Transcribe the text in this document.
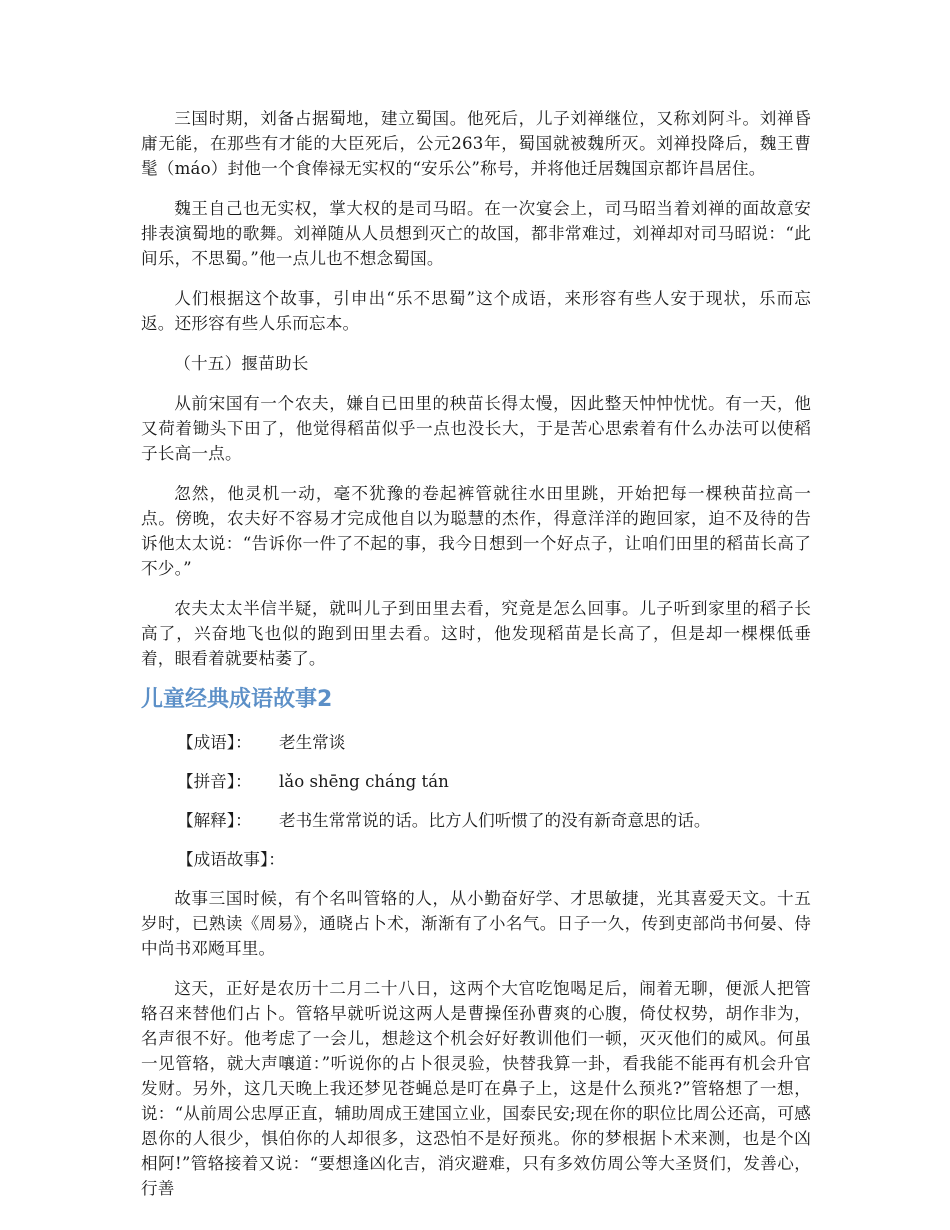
三国时期，刘备占据蜀地，建立蜀国。他死后，儿子刘禅继位，又称刘阿斗。刘禅昏庸无能，在那些有才能的大臣死后，公元263年，蜀国就被魏所灭。刘禅投降后，魏王曹髦（máo）封他一个食俸禄无实权的“安乐公”称号，并将他迁居魏国京都许昌居住。

魏王自己也无实权，掌大权的是司马昭。在一次宴会上，司马昭当着刘禅的面故意安排表演蜀地的歌舞。刘禅随从人员想到灭亡的故国，都非常难过，刘禅却对司马昭说：“此间乐，不思蜀。”他一点儿也不想念蜀国。

人们根据这个故事，引申出“乐不思蜀”这个成语，来形容有些人安于现状，乐而忘返。还形容有些人乐而忘本。

（十五）揠苗助长

从前宋国有一个农夫，嫌自已田里的秧苗长得太慢，因此整天忡忡忧忧。有一天，他又荷着锄头下田了，他觉得稻苗似乎一点也没长大，于是苦心思索着有什么办法可以使稻子长高一点。

忽然，他灵机一动，毫不犹豫的卷起裤管就往水田里跳，开始把每一棵秧苗拉高一点。傍晚，农夫好不容易才完成他自以为聪慧的杰作，得意洋洋的跑回家，迫不及待的告诉他太太说：“告诉你一件了不起的事，我今日想到一个好点子，让咱们田里的稻苗长高了不少。”

农夫太太半信半疑，就叫儿子到田里去看，究竟是怎么回事。儿子听到家里的稻子长高了，兴奋地飞也似的跑到田里去看。这时，他发现稻苗是长高了，但是却一棵棵低垂着，眼看着就要枯萎了。

儿童经典成语故事2
【成语】： 老生常谈
【拼音】： lǎo shēng cháng tán
【解释】： 老书生常常说的话。比方人们听惯了的没有新奇意思的话。
【成语故事】：

故事三国时候，有个名叫管辂的人，从小勤奋好学、才思敏捷，光其喜爱天文。十五岁时，已熟读《周易》，通晓占卜术，渐渐有了小名气。日子一久，传到吏部尚书何晏、侍中尚书邓飏耳里。

这天，正好是农历十二月二十八日，这两个大官吃饱喝足后，闹着无聊，便派人把管辂召来替他们占卜。管辂早就听说这两人是曹操侄孙曹爽的心腹，倚仗权势，胡作非为，名声很不好。他考虑了一会儿，想趁这个机会好好教训他们一顿，灭灭他们的威风。何虽一见管辂，就大声嚷道：”听说你的占卜很灵验，快替我算一卦，看我能不能再有机会升官发财。另外，这几天晚上我还梦见苍蝇总是叮在鼻子上，这是什么预兆?”管辂想了一想，说：“从前周公忠厚正直，辅助周成王建国立业，国泰民安;现在你的职位比周公还高，可感恩你的人很少，惧伯你的人却很多，这恐怕不是好预兆。你的梦根据卜术来测，也是个凶相阿!”管辂接着又说：“要想逢凶化吉，消灾避难，只有多效仿周公等大圣贤们，发善心，行善
